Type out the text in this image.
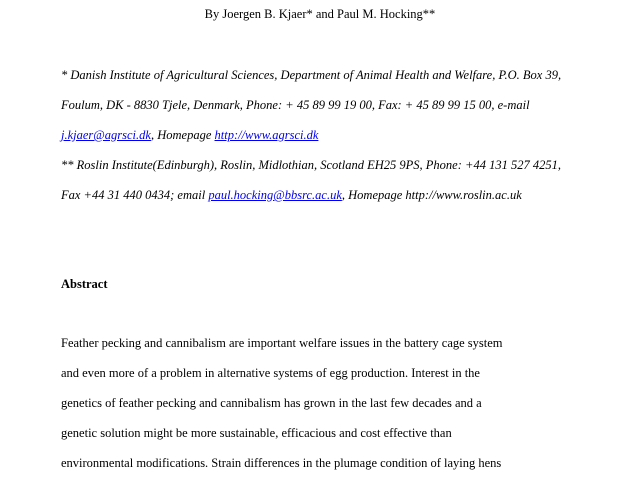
By Joergen B. Kjaer* and Paul M. Hocking**
* Danish Institute of Agricultural Sciences, Department of Animal Health and Welfare, P.O. Box 39,
Foulum, DK - 8830 Tjele, Denmark, Phone: + 45 89 99 19 00, Fax: + 45 89 99 15 00, e-mail
j.kjaer@agrsci.dk, Homepage http://www.agrsci.dk
** Roslin Institute(Edinburgh), Roslin, Midlothian, Scotland EH25 9PS, Phone: +44 131 527 4251,
Fax +44 31 440 0434; email paul.hocking@bbsrc.ac.uk, Homepage http://www.roslin.ac.uk
Abstract
Feather pecking and cannibalism are important welfare issues in the battery cage system
and even more of a problem in alternative systems of egg production. Interest in the
genetics of feather pecking and cannibalism has grown in the last few decades and a
genetic solution might be more sustainable, efficacious and cost effective than
environmental modifications. Strain differences in the plumage condition of laying hens
